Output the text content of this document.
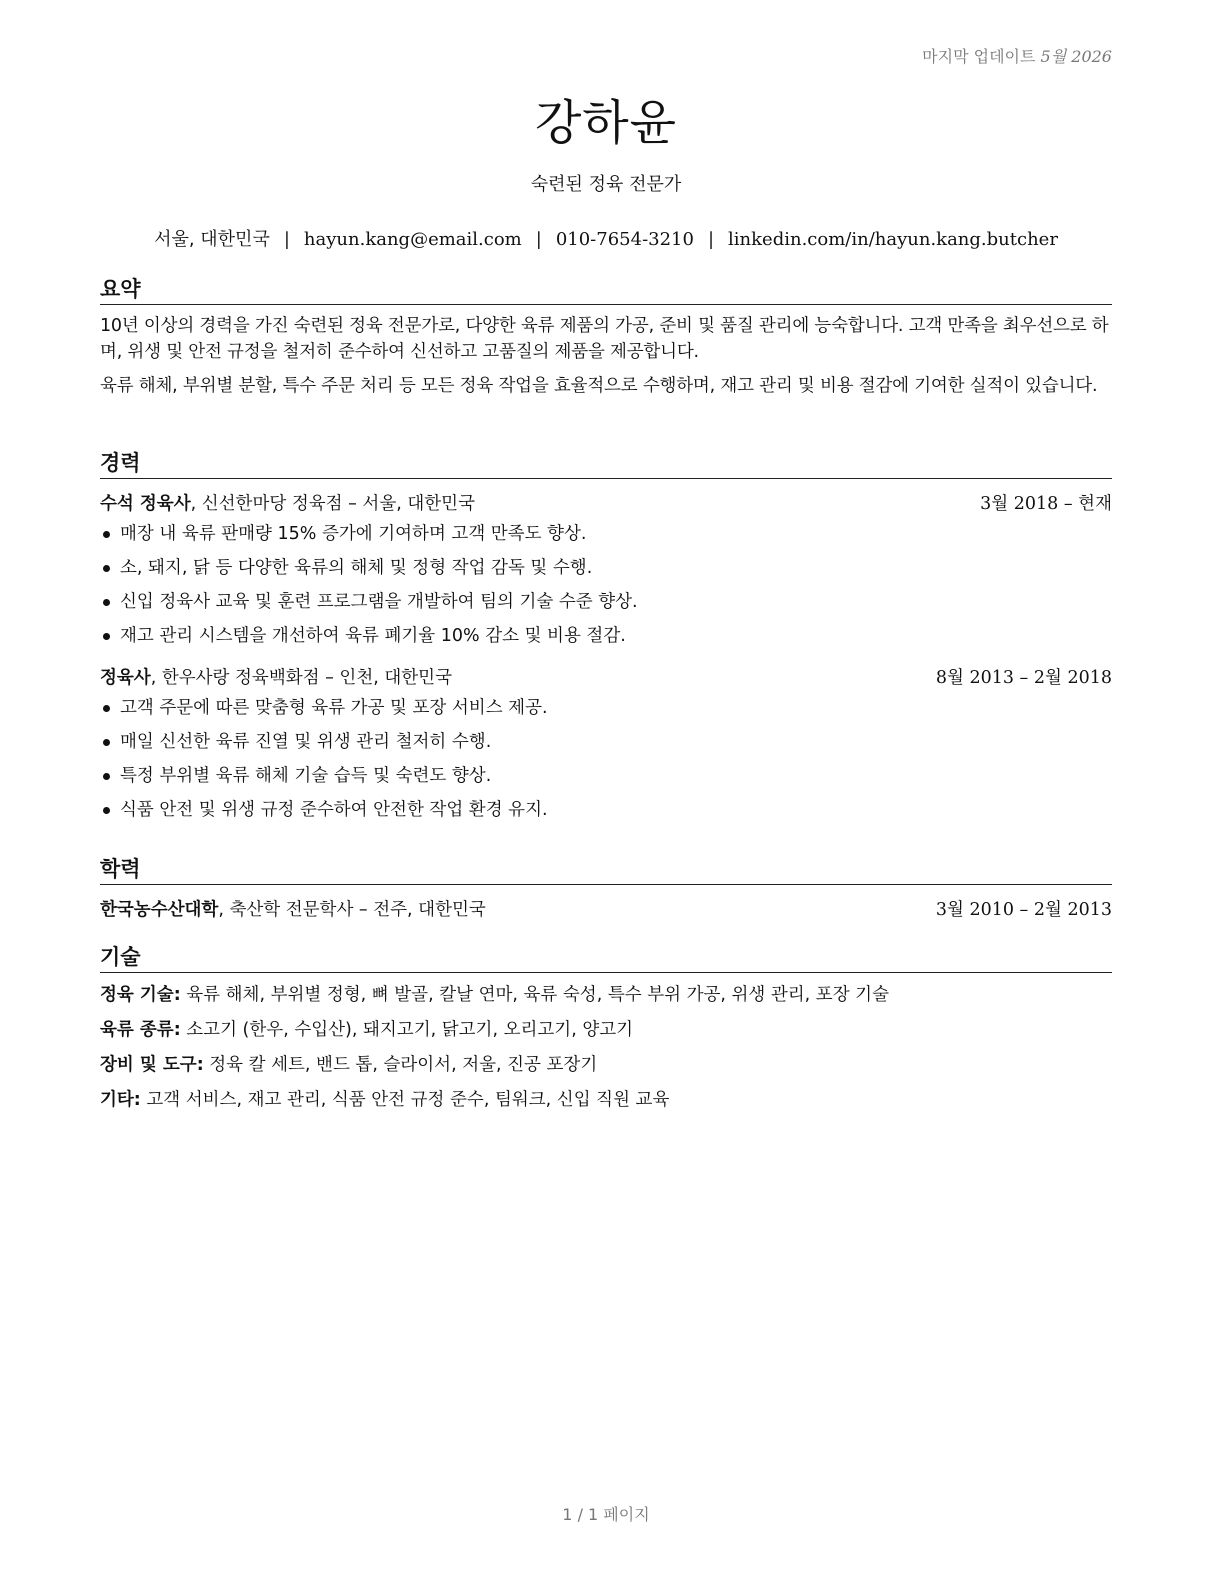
마지막 업데이트 5월 2026
강하윤
숙련된 정육 전문가
서울, 대한민국 | hayun.kang@email.com | 010-7654-3210 | linkedin.com/in/hayun.kang.butcher
요약

10년 이상의 경력을 가진 숙련된 정육 전문가로, 다양한 육류 제품의 가공, 준비 및 품질 관리에 능숙합니다. 고객 만족을 최우선으로 하며, 위생 및 안전 규정을 철저히 준수하여 신선하고 고품질의 제품을 제공합니다.

육류 해체, 부위별 분할, 특수 주문 처리 등 모든 정육 작업을 효율적으로 수행하며, 재고 관리 및 비용 절감에 기여한 실적이 있습니다.

경력
수석 정육사, 신선한마당 정육점 – 서울, 대한민국	3월 2018 – 현재
매장 내 육류 판매량 15% 증가에 기여하며 고객 만족도 향상.
소, 돼지, 닭 등 다양한 육류의 해체 및 정형 작업 감독 및 수행.
신입 정육사 교육 및 훈련 프로그램을 개발하여 팀의 기술 수준 향상.
재고 관리 시스템을 개선하여 육류 폐기율 10% 감소 및 비용 절감.
정육사, 한우사랑 정육백화점 – 인천, 대한민국	8월 2013 – 2월 2018
고객 주문에 따른 맞춤형 육류 가공 및 포장 서비스 제공.
매일 신선한 육류 진열 및 위생 관리 철저히 수행.
특정 부위별 육류 해체 기술 습득 및 숙련도 향상.
식품 안전 및 위생 규정 준수하여 안전한 작업 환경 유지.
학력
한국농수산대학, 축산학 전문학사 – 전주, 대한민국	3월 2010 – 2월 2013
기술
정육 기술: 육류 해체, 부위별 정형, 뼈 발골, 칼날 연마, 육류 숙성, 특수 부위 가공, 위생 관리, 포장 기술
육류 종류: 소고기 (한우, 수입산), 돼지고기, 닭고기, 오리고기, 양고기
장비 및 도구: 정육 칼 세트, 밴드 톱, 슬라이서, 저울, 진공 포장기
기타: 고객 서비스, 재고 관리, 식품 안전 규정 준수, 팀워크, 신입 직원 교육
1 / 1 페이지
